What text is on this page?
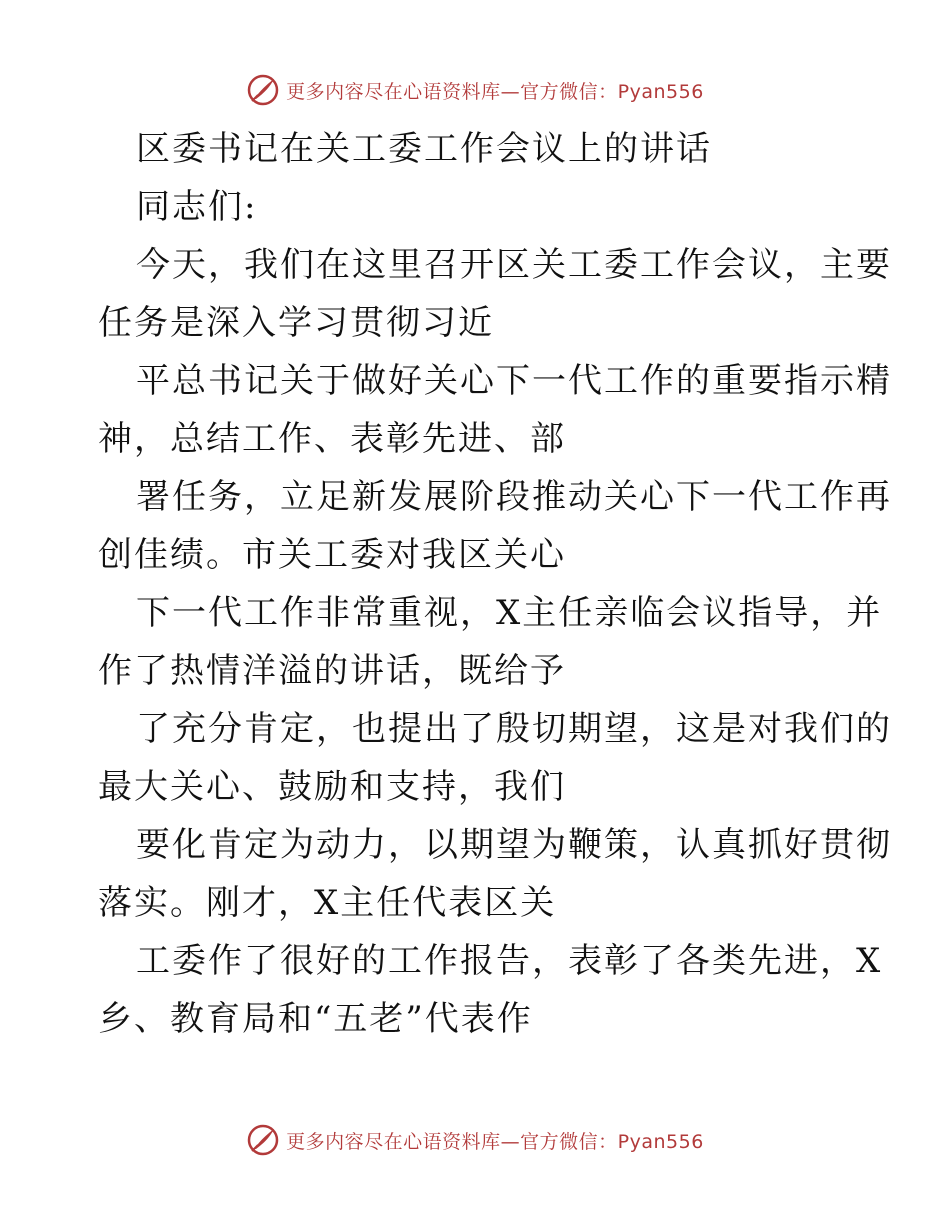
更多内容尽在心语资料库—官方微信：Pyan556
区委书记在关工委工作会议上的讲话
同志们:
今天，我们在这里召开区关工委工作会议，主要
任务是深入学习贯彻习近
平总书记关于做好关心下一代工作的重要指示精
神，总结工作、表彰先进、部
署任务，立足新发展阶段推动关心下一代工作再
创佳绩。市关工委对我区关心
下一代工作非常重视，X主任亲临会议指导，并
作了热情洋溢的讲话，既给予
了充分肯定，也提出了殷切期望，这是对我们的
最大关心、鼓励和支持，我们
要化肯定为动力，以期望为鞭策，认真抓好贯彻
落实。刚才，X主任代表区关
工委作了很好的工作报告，表彰了各类先进，X
乡、教育局和“五老”代表作
更多内容尽在心语资料库—官方微信：Pyan556
